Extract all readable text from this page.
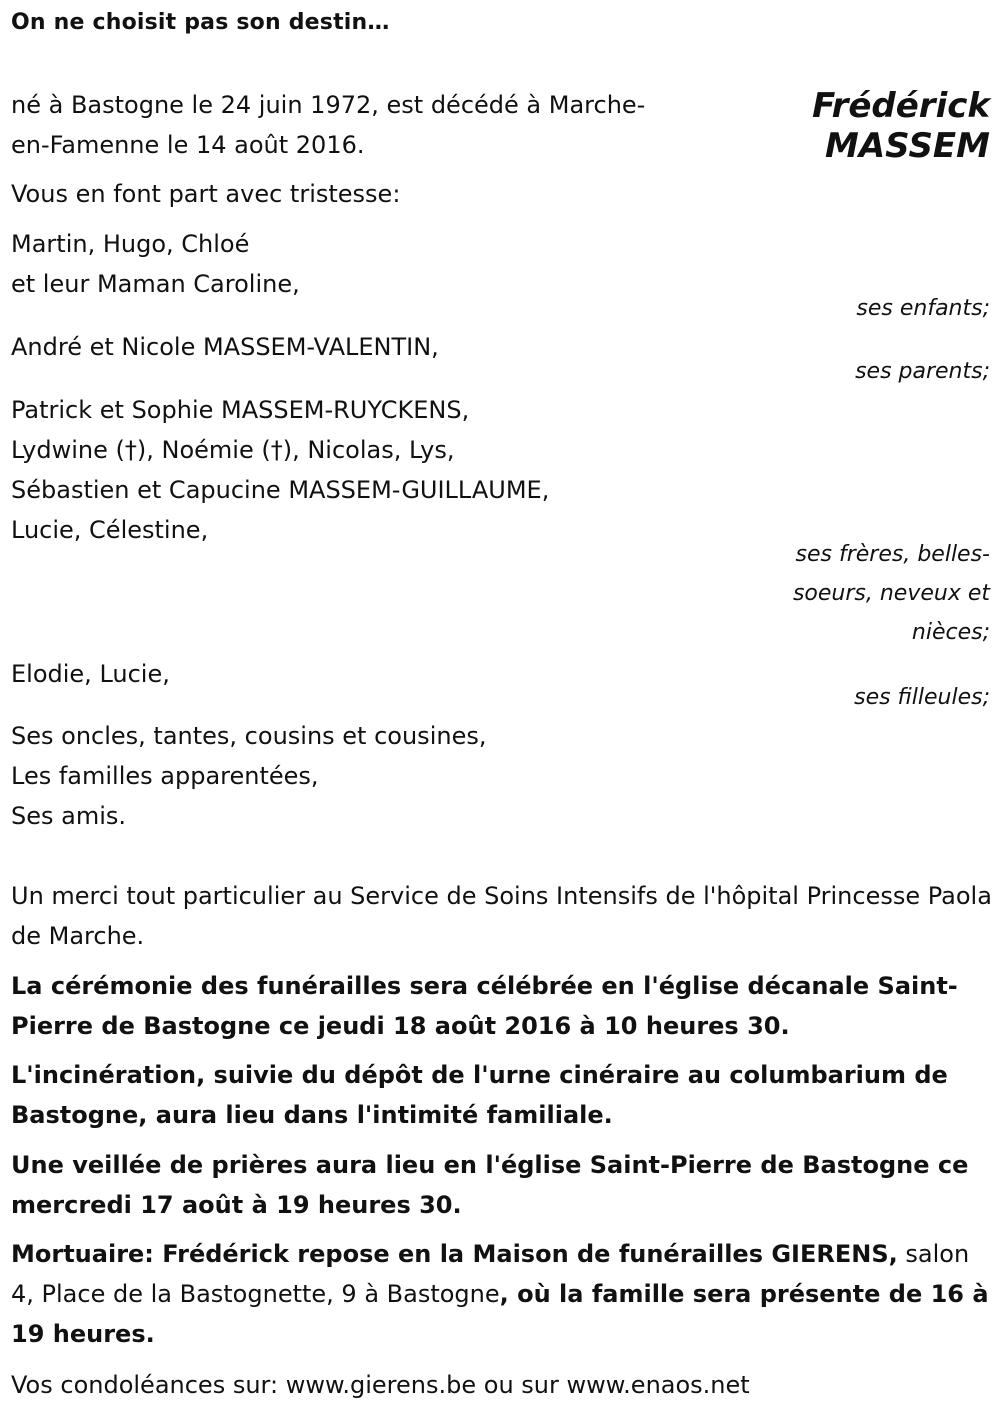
On ne choisit pas son destin…

Frédérick
MASSEM

né à Bastogne le 24 juin 1972, est décédé à Marche-

en-Famenne le 14 août 2016.

Vous en font part avec tristesse:

Martin, Hugo, Chloé

et leur Maman Caroline,

ses enfants;

André et Nicole MASSEM-VALENTIN,

ses parents;

Patrick et Sophie MASSEM-RUYCKENS,

Lydwine (†), Noémie (†), Nicolas, Lys,

Sébastien et Capucine MASSEM-GUILLAUME,

Lucie, Célestine,

ses frères, belles-

soeurs, neveux et

nièces;

Elodie, Lucie,

ses filleules;

Ses oncles, tantes, cousins et cousines,

Les familles apparentées,

Ses amis.

Un merci tout particulier au Service de Soins Intensifs de l'hôpital Princesse Paola de Marche.

La cérémonie des funérailles sera célébrée en l'église décanale Saint-Pierre de Bastogne ce jeudi 18 août 2016 à 10 heures 30.

L'incinération, suivie du dépôt de l'urne cinéraire au columbarium de Bastogne, aura lieu dans l'intimité familiale.

Une veillée de prières aura lieu en l'église Saint-Pierre de Bastogne ce mercredi 17 août à 19 heures 30.

Mortuaire: Frédérick repose en la Maison de funérailles GIERENS, salon 4, Place de la Bastognette, 9 à Bastogne, où la famille sera présente de 16 à 19 heures.

Vos condoléances sur: www.gierens.be ou sur www.enaos.net
